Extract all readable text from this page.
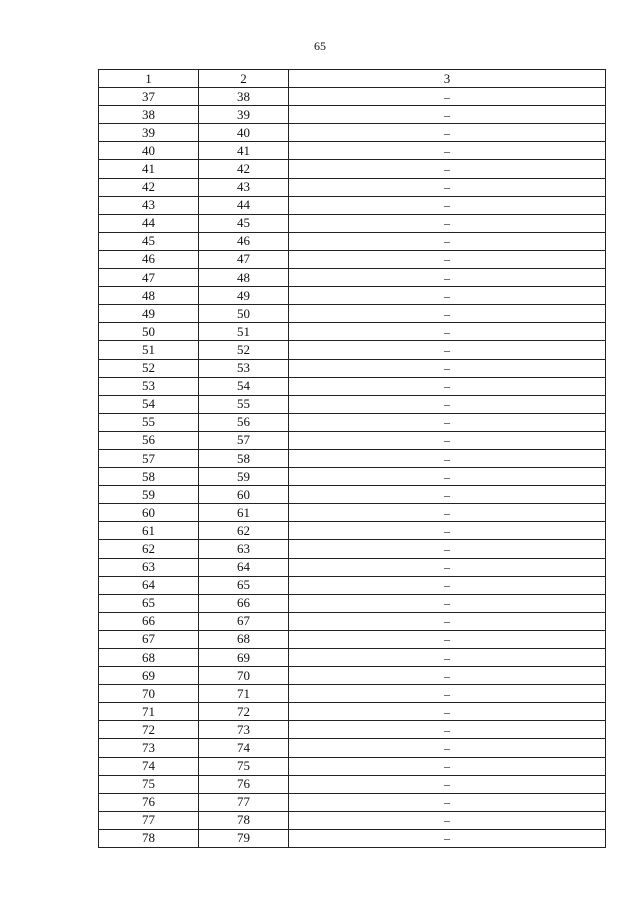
65
1	2	3
37	38	–
38	39	–
39	40	–
40	41	–
41	42	–
42	43	–
43	44	–
44	45	–
45	46	–
46	47	–
47	48	–
48	49	–
49	50	–
50	51	–
51	52	–
52	53	–
53	54	–
54	55	–
55	56	–
56	57	–
57	58	–
58	59	–
59	60	–
60	61	–
61	62	–
62	63	–
63	64	–
64	65	–
65	66	–
66	67	–
67	68	–
68	69	–
69	70	–
70	71	–
71	72	–
72	73	–
73	74	–
74	75	–
75	76	–
76	77	–
77	78	–
78	79	–
